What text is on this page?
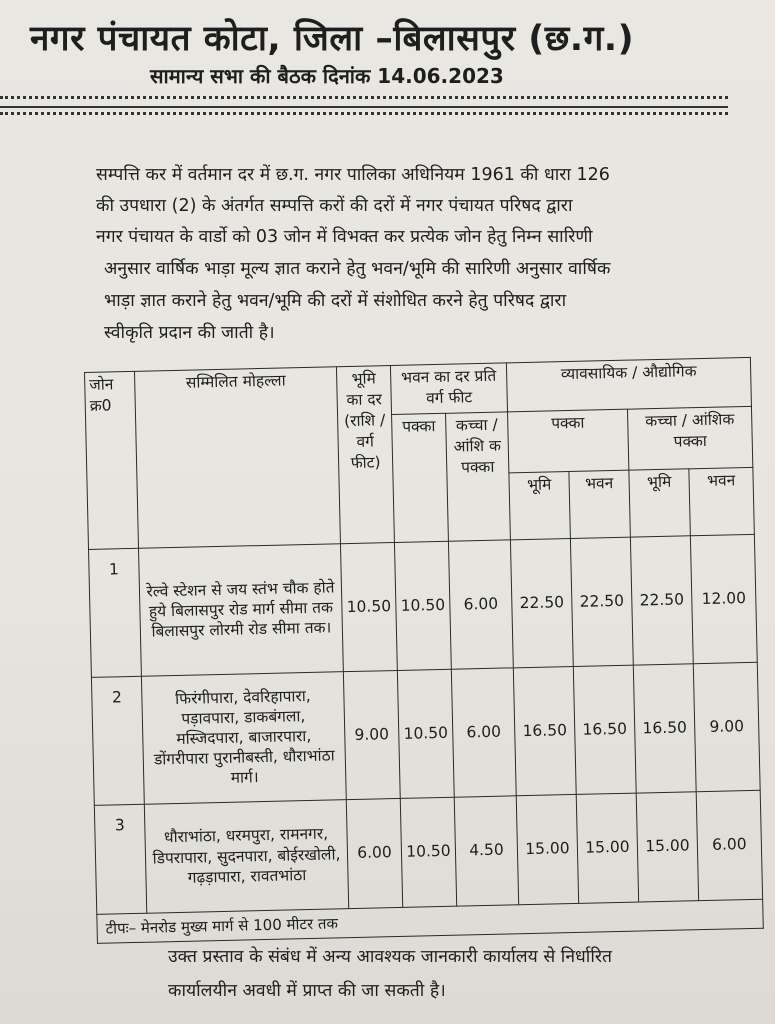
नगर पंचायत कोटा, जिला –बिलासपुर (छ.ग.)
सामान्य सभा की बैठक दिनांक 14.06.2023
सम्पत्ति कर में वर्तमान दर में छ.ग. नगर पालिका अधिनियम 1961 की धारा 126
की उपधारा (2) के अंतर्गत सम्पत्ति करों की दरों में नगर पंचायत परिषद द्वारा
नगर पंचायत के वार्डो को 03 जोन में विभक्त कर प्रत्येक जोन हेतु निम्न सारिणी
अनुसार वार्षिक भाड़ा मूल्य ज्ञात कराने हेतु भवन/भूमि की सारिणी अनुसार वार्षिक
भाड़ा ज्ञात कराने हेतु भवन/भूमि की दरों में संशोधित करने हेतु परिषद द्वारा
स्वीकृति प्रदान की जाती है।
जोन क्र0	सम्मिलित मोहल्ला	भूमि का दर (राशि / वर्ग फीट)	भवन का दर प्रति वर्ग फीट		व्यावसायिक / औद्योगिक			
			पक्का	कच्चा / आंशि क पक्का	पक्का		कच्चा / आंशिक पक्का	
					भूमि	भवन	भूमि	भवन
1	रेल्वे स्टेशन से जय स्तंभ चौक होते हुये बिलासपुर रोड मार्ग सीमा तक बिलासपुर लोरमी रोड सीमा तक।	10.50	10.50	6.00	22.50	22.50	22.50	12.00
2	फिरंगीपारा, देवरिहापारा, पड़ावपारा, डाकबंगला, मस्जिदपारा, बाजारपारा, डोंगरीपारा पुरानीबस्ती, धौराभांठा मार्ग।	9.00	10.50	6.00	16.50	16.50	16.50	9.00
3	धौराभांठा, धरमपुरा, रामनगर, डिपरापारा, सुदनपारा, बोईरखोली, गढ़ड़ापारा, रावतभांठा	6.00	10.50	4.50	15.00	15.00	15.00	6.00
टीपः– मेनरोड मुख्य मार्ग से 100 मीटर तक								
उक्त प्रस्ताव के संबंध में अन्य आवश्यक जानकारी कार्यालय से निर्धारित
कार्यालयीन अवधी में प्राप्त की जा सकती है।
